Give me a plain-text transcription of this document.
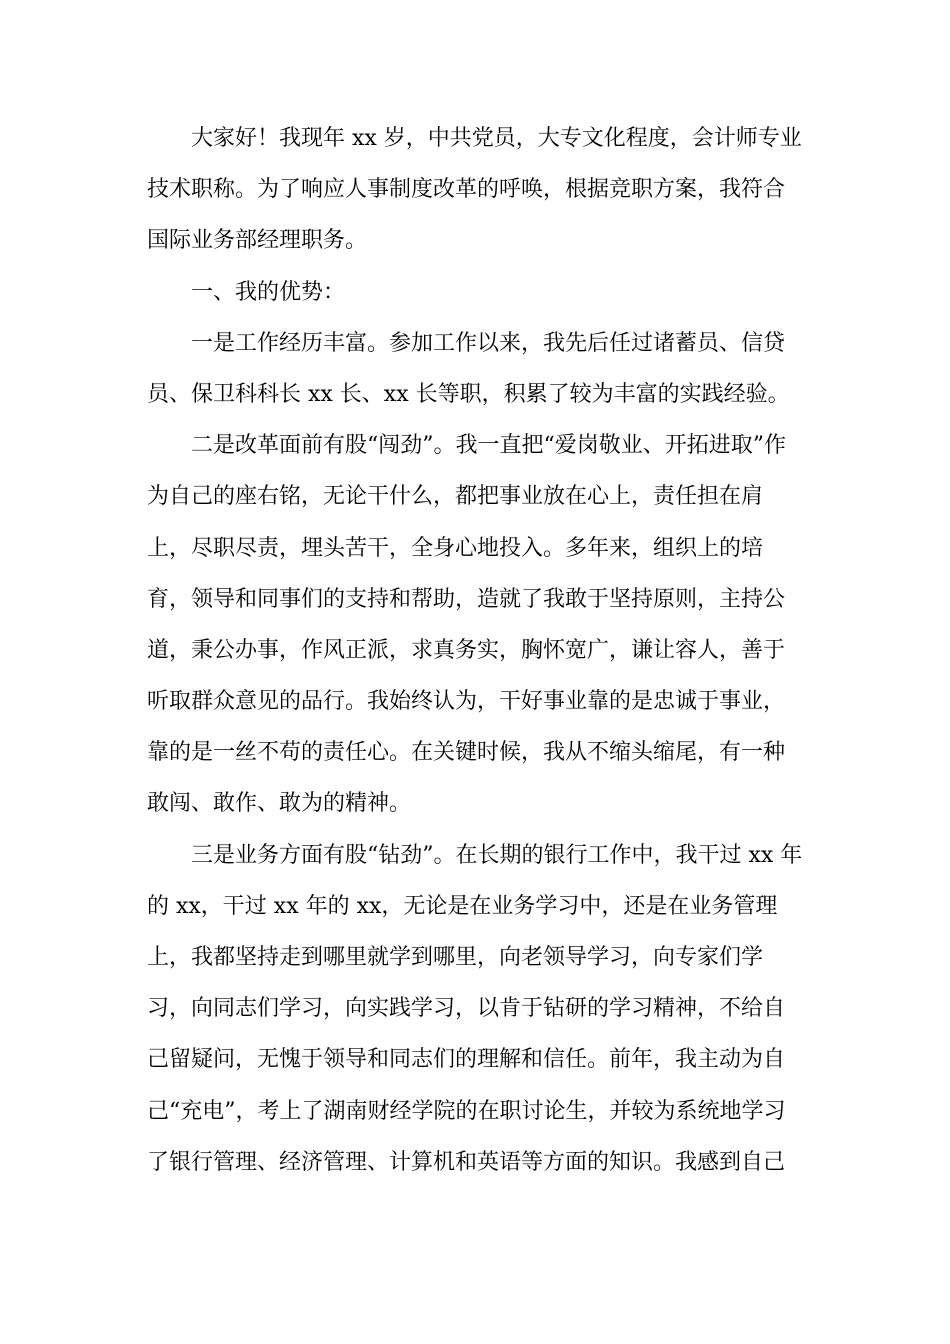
大家好！我现年 xx 岁，中共党员，大专文化程度，会计师专业
技术职称。为了响应人事制度改革的呼唤，根据竞职方案，我符合
国际业务部经理职务。
一、我的优势：
一是工作经历丰富。参加工作以来，我先后任过诸蓄员、信贷
员、保卫科科长 xx 长、xx 长等职，积累了较为丰富的实践经验。
二是改革面前有股“闯劲”。我一直把“爱岗敬业、开拓进取”作
为自己的座右铭，无论干什么，都把事业放在心上，责任担在肩
上，尽职尽责，埋头苦干，全身心地投入。多年来，组织上的培
育，领导和同事们的支持和帮助，造就了我敢于坚持原则，主持公
道，秉公办事，作风正派，求真务实，胸怀宽广，谦让容人，善于
听取群众意见的品行。我始终认为，干好事业靠的是忠诚于事业，
靠的是一丝不苟的责任心。在关键时候，我从不缩头缩尾，有一种
敢闯、敢作、敢为的精神。
三是业务方面有股“钻劲”。在长期的银行工作中，我干过 xx 年
的 xx，干过 xx 年的 xx，无论是在业务学习中，还是在业务管理
上，我都坚持走到哪里就学到哪里，向老领导学习，向专家们学
习，向同志们学习，向实践学习，以肯于钻研的学习精神，不给自
己留疑问，无愧于领导和同志们的理解和信任。前年，我主动为自
己“充电”，考上了湖南财经学院的在职讨论生，并较为系统地学习
了银行管理、经济管理、计算机和英语等方面的知识。我感到自己
